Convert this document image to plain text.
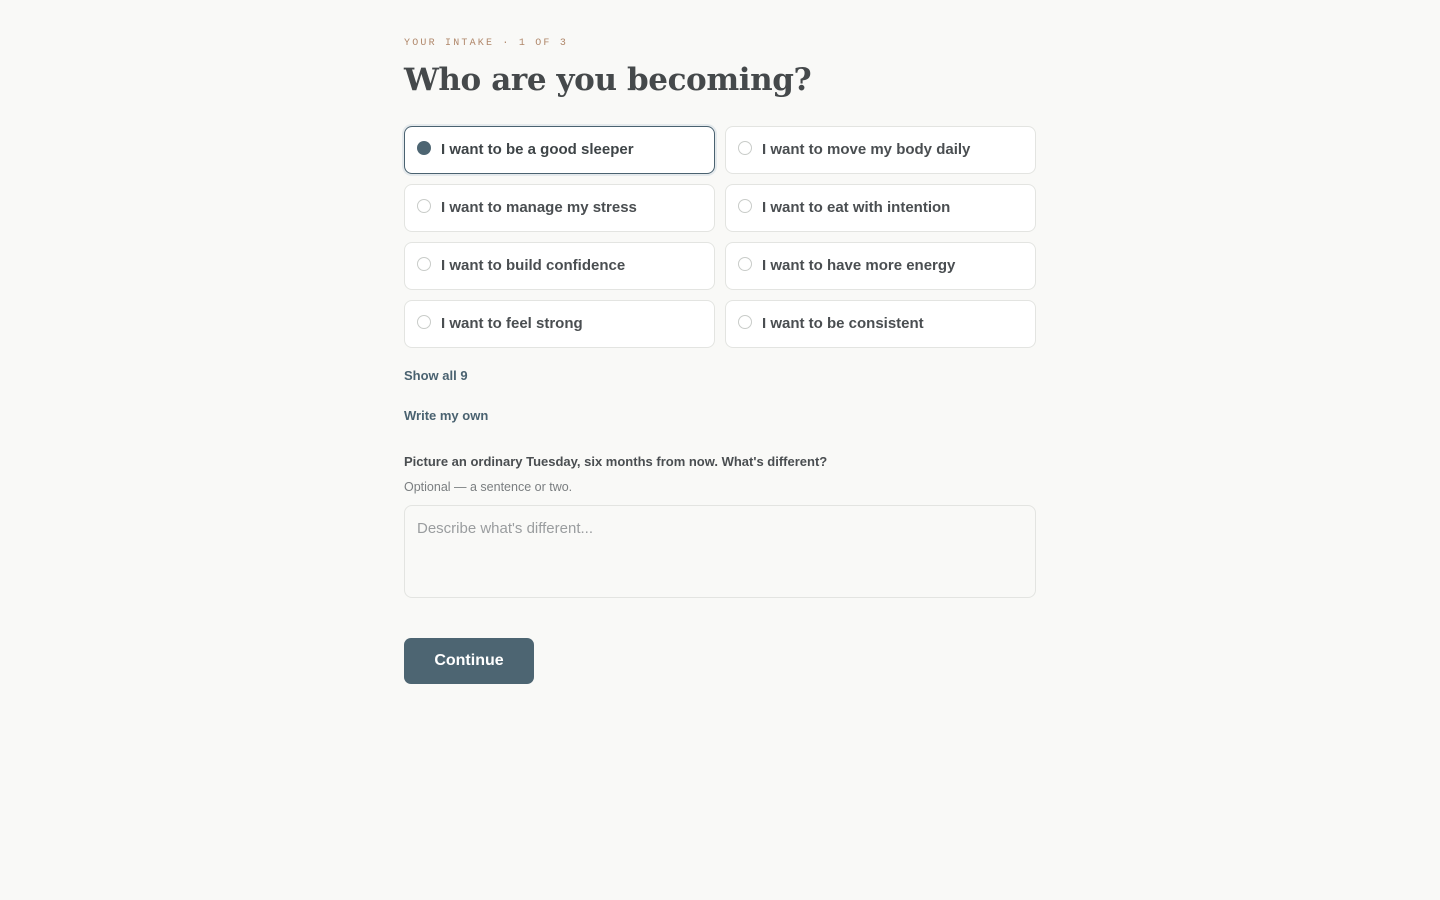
YOUR INTAKE · 1 OF 3
Who are you becoming?
I want to be a good sleeper	I want to move my body daily
I want to manage my stress	I want to eat with intention
I want to build confidence	I want to have more energy
I want to feel strong	I want to be consistent
Show all 9
Write my own
Picture an ordinary Tuesday, six months from now. What's different?
Optional — a sentence or two.
Describe what's different...
Continue
